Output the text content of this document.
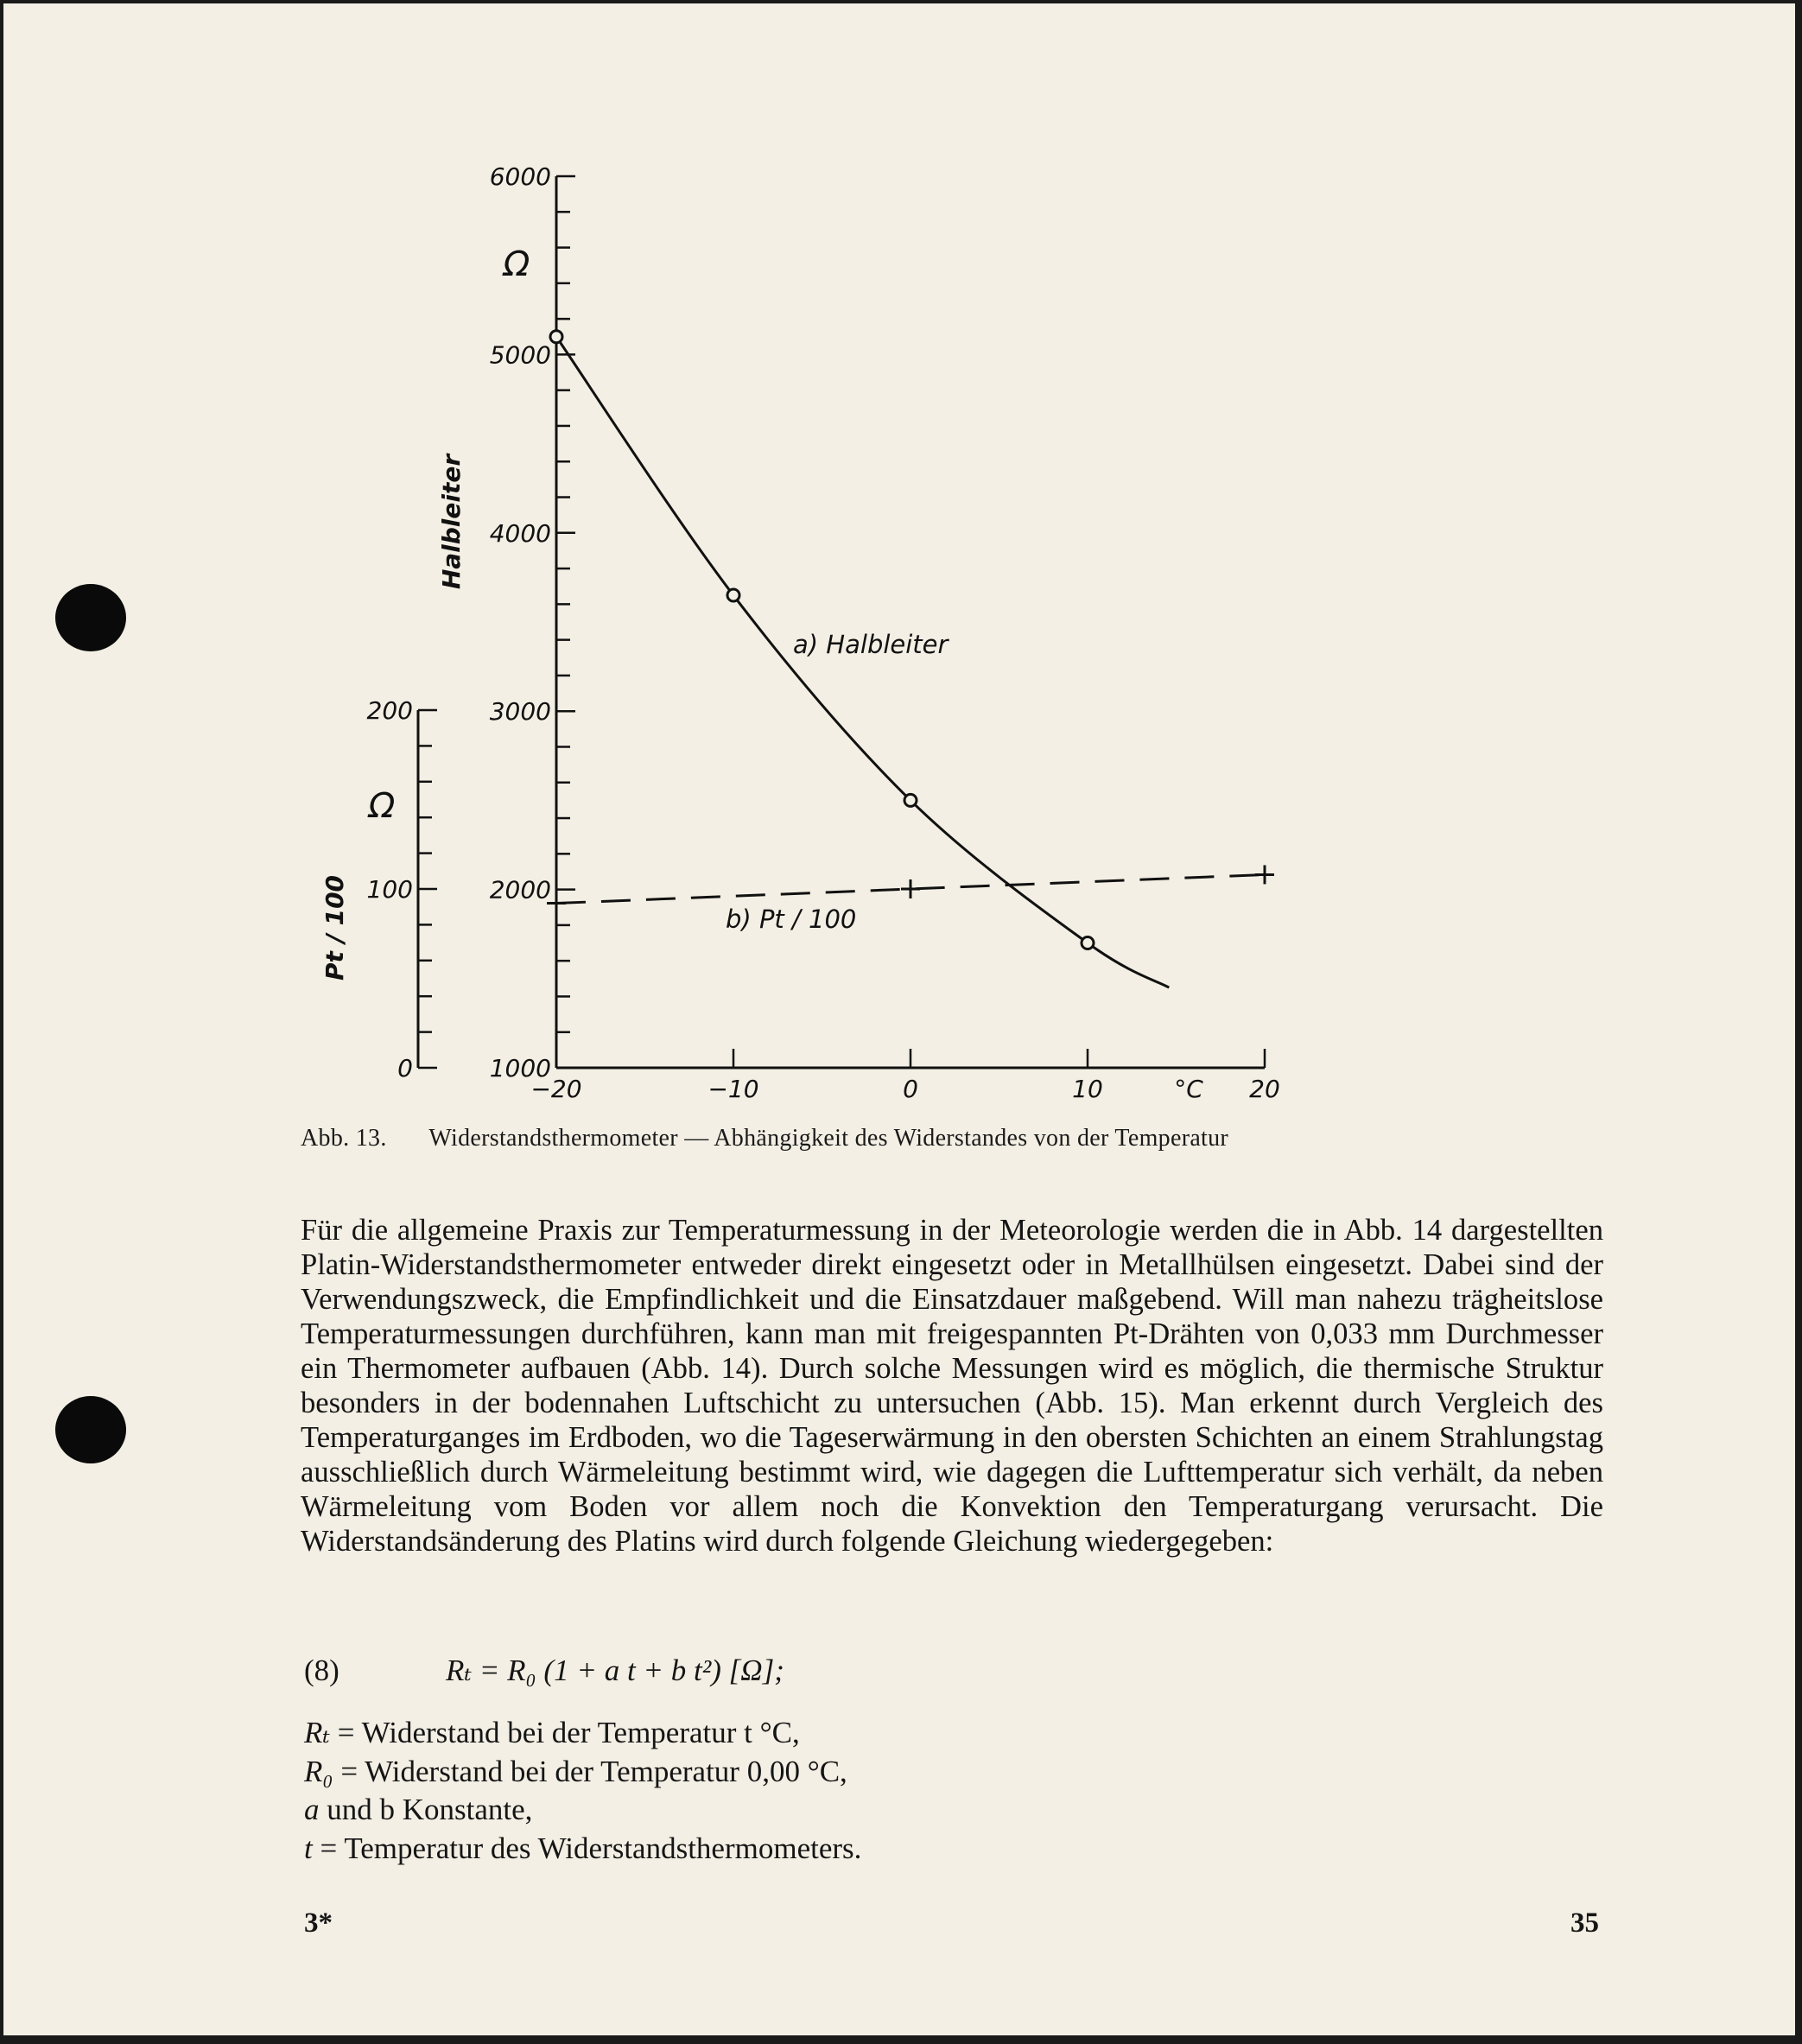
1000
2000
3000
4000
5000
6000
Ω
Halbleiter
0
100
200
Ω
Pt / 100
−20	−10	0	10	20
°C
a) Halbleiter
b) Pt / 100
Abb. 13. Widerstandsthermometer — Abhängigkeit des Widerstandes von der Temperatur

Für die allgemeine Praxis zur Temperaturmessung in der Meteorologie werden die in Abb. 14 dargestellten Platin-Widerstandsthermometer entweder direkt eingesetzt oder in Metallhülsen eingesetzt. Dabei sind der Verwendungszweck, die Empfindlichkeit und die Einsatzdauer maßgebend. Will man nahezu trägheitslose Temperaturmessungen durchführen, kann man mit freigespannten Pt-Drähten von 0,033 mm Durchmesser ein Thermometer aufbauen (Abb. 14). Durch solche Messungen wird es möglich, die thermische Struktur besonders in der bodennahen Luftschicht zu untersuchen (Abb. 15). Man erkennt durch Vergleich des Temperaturganges im Erdboden, wo die Tageserwärmung in den obersten Schichten an einem Strahlungstag ausschließlich durch Wärmeleitung bestimmt wird, wie dagegen die Lufttemperatur sich verhält, da neben Wärmeleitung vom Boden vor allem noch die Konvektion den Temperaturgang verursacht. Die Widerstandsänderung des Platins wird durch folgende Gleichung wiedergegeben:

(8)	Rₜ = R₀ (1 + a t + b t²) [Ω];
Rₜ = Widerstand bei der Temperatur t °C,
R₀ = Widerstand bei der Temperatur 0,00 °C,
a und b Konstante,
t = Temperatur des Widerstandsthermometers.
3*	35
